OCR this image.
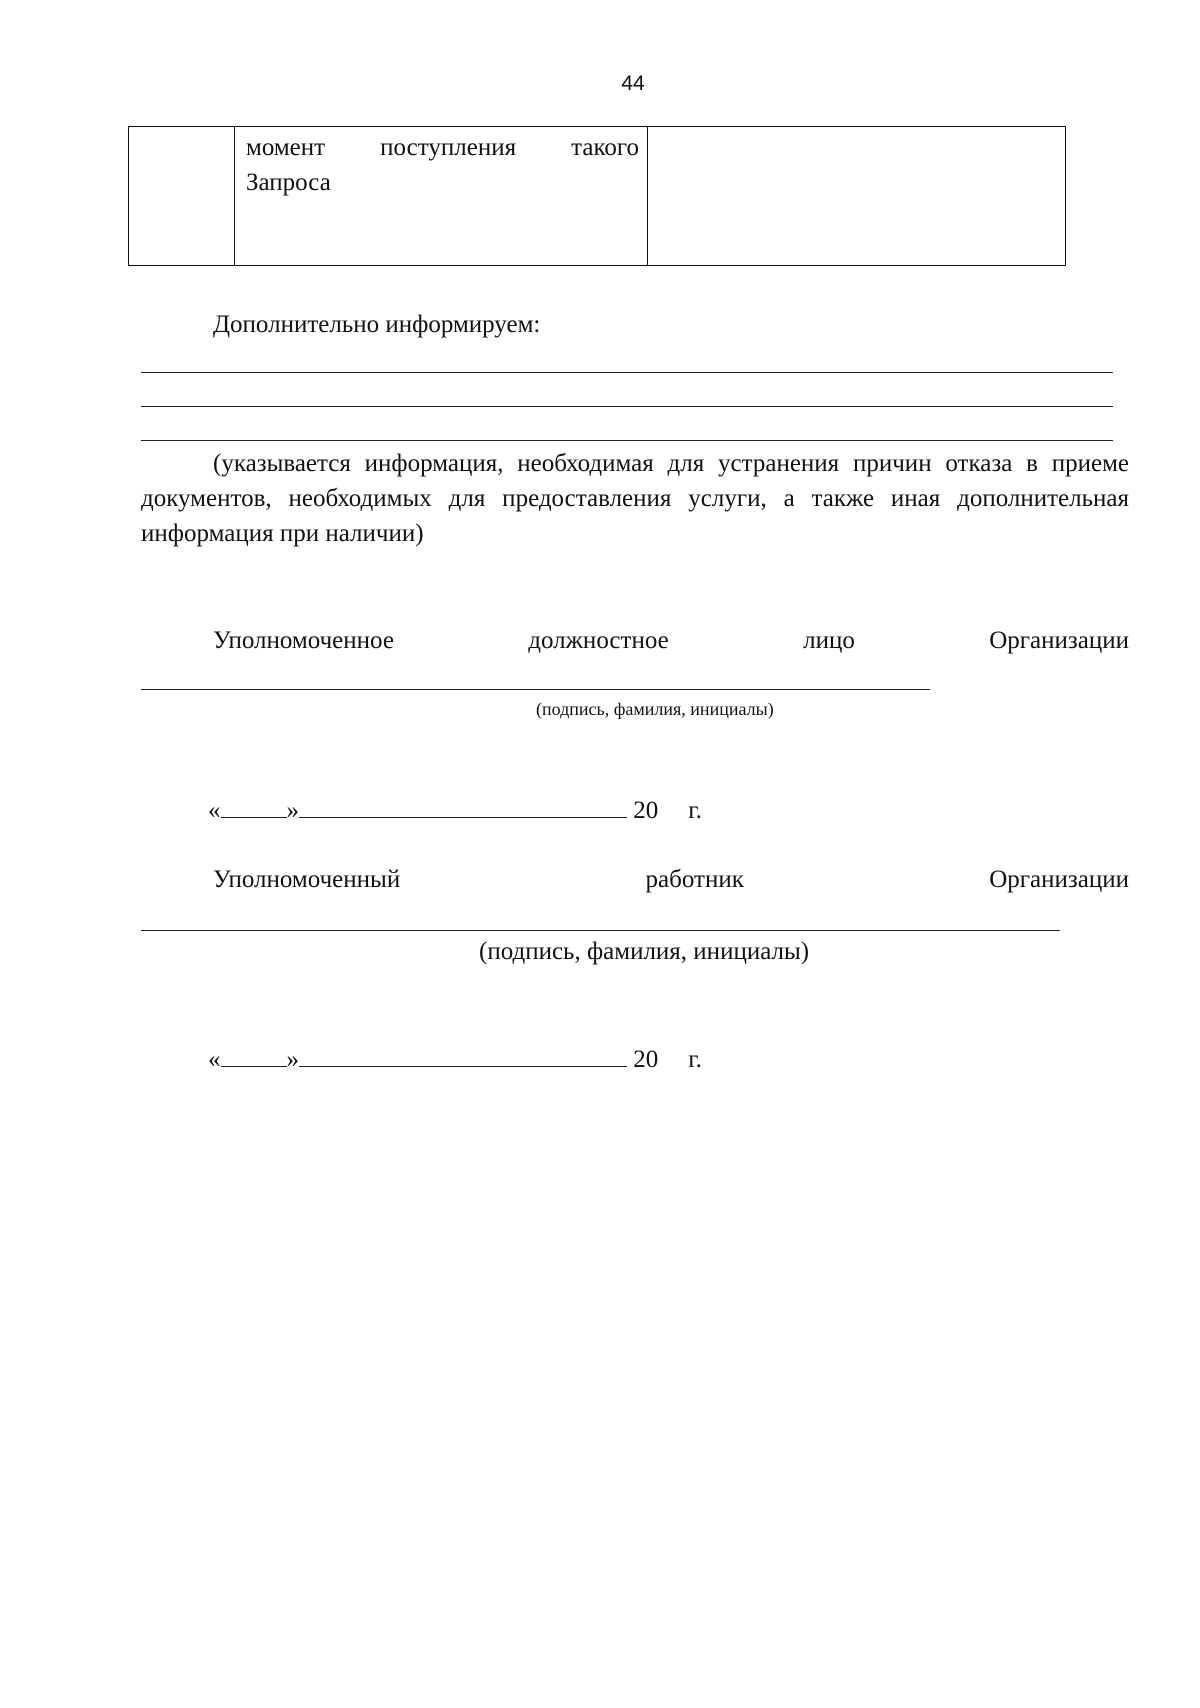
44

момент поступления такого
Запроса

Дополнительно информируем:
(указывается информация, необходимая для устранения причин отказа в приеме документов, необходимых для предоставления услуги, а также иная дополнительная информация при наличии)
Уполномоченное	должностное	лицо	Организации
(подпись, фамилия, инициалы)
«	»	20 г.
Уполномоченный	работник	Организации
(подпись, фамилия, инициалы)
«	»	20 г.
